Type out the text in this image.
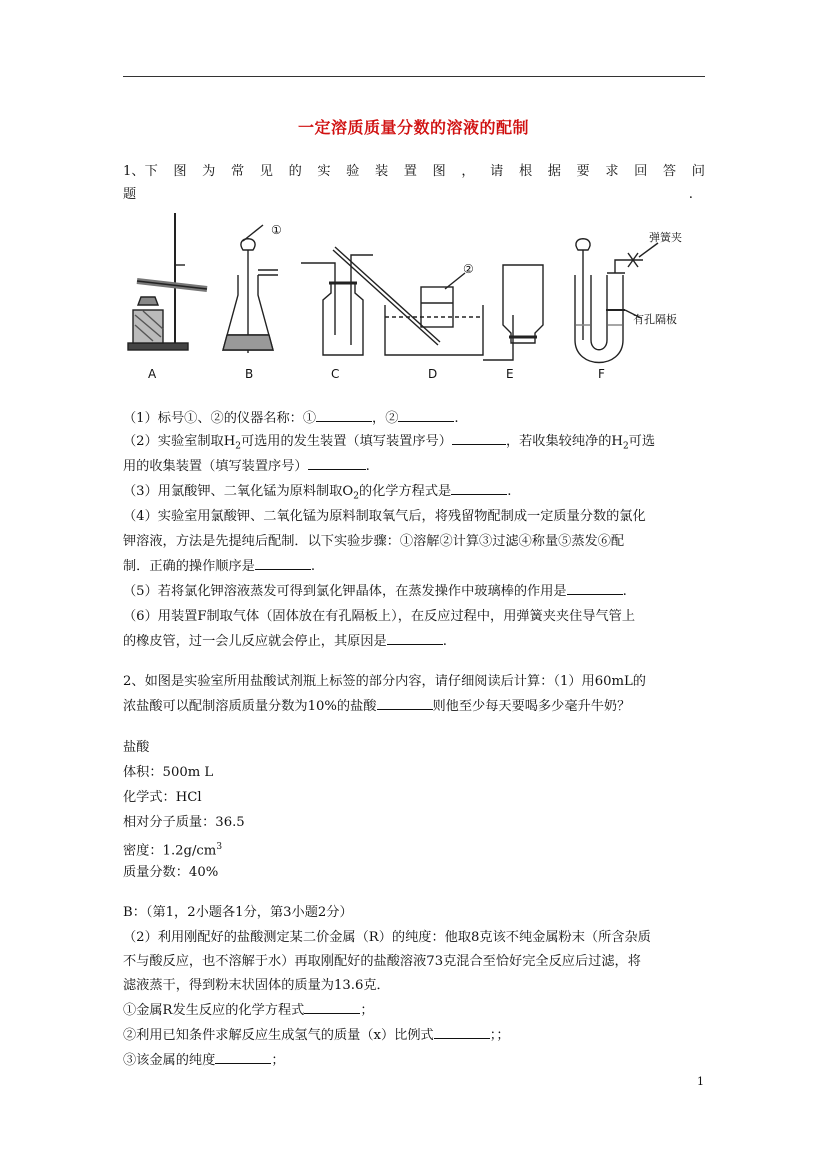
一定溶质质量分数的溶液的配制
1、下 图 为 常 见 的 实 验 装 置 图 ， 请 根 据 要 求 回 答 问
题	.
A	B	C	D	E	F
①
②
弹簧夹
有孔隔板
（1）标号①、②的仪器名称：①	，②	.
（2）实验室制取$H_2$可选用的发生装置（填写装置序号）	，若收集较纯净的$H_2$可选
用的收集装置（填写装置序号）	.
（3）用氯酸钾、二氧化锰为原料制取$O_2$的化学方程式是	.
（4）实验室用氯酸钾、二氧化锰为原料制取氧气后，将残留物配制成一定质量分数的氯化
钾溶液，方法是先提纯后配制．以下实验步骤：①溶解②计算③过滤④称量⑤蒸发⑥配
制．正确的操作顺序是	.
（5）若将氯化钾溶液蒸发可得到氯化钾晶体，在蒸发操作中玻璃棒的作用是	.
（6）用装置F制取气体（固体放在有孔隔板上），在反应过程中，用弹簧夹夹住导气管上
的橡皮管，过一会儿反应就会停止，其原因是	.
2、如图是实验室所用盐酸试剂瓶上标签的部分内容，请仔细阅读后计算：（1）用60mL的
浓盐酸可以配制溶质质量分数为10%的盐酸	则他至少每天要喝多少毫升牛奶？
盐酸
体积：500m L
化学式：HCl
相对分子质量：36.5
密度：$1.2g/cm^3$
质量分数：40%
B：（第1，2小题各1分，第3小题2分）
（2）利用刚配好的盐酸测定某二价金属（R）的纯度：他取8克该不纯金属粉末（所含杂质
不与酸反应，也不溶解于水）再取刚配好的盐酸溶液73克混合至恰好完全反应后过滤，将
滤液蒸干，得到粉末状固体的质量为13.6克．
①金属R发生反应的化学方程式	；
②利用已知条件求解反应生成氢气的质量（x）比例式	；；
③该金属的纯度	；
1
